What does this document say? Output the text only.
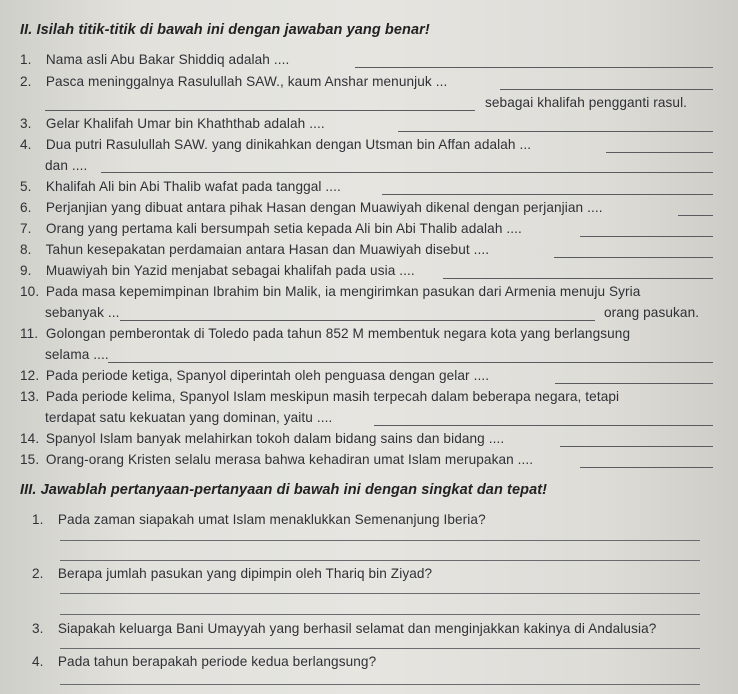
II. Isilah titik-titik di bawah ini dengan jawaban yang benar!
1. Nama asli Abu Bakar Shiddiq adalah ....
2. Pasca meninggalnya Rasulullah SAW., kaum Anshar menunjuk ...
sebagai khalifah pengganti rasul.
3. Gelar Khalifah Umar bin Khaththab adalah ....
4. Dua putri Rasulullah SAW. yang dinikahkan dengan Utsman bin Affan adalah ...
dan ....
5. Khalifah Ali bin Abi Thalib wafat pada tanggal ....
6. Perjanjian yang dibuat antara pihak Hasan dengan Muawiyah dikenal dengan perjanjian ....
7. Orang yang pertama kali bersumpah setia kepada Ali bin Abi Thalib adalah ....
8. Tahun kesepakatan perdamaian antara Hasan dan Muawiyah disebut ....
9. Muawiyah bin Yazid menjabat sebagai khalifah pada usia ....
10. Pada masa kepemimpinan Ibrahim bin Malik, ia mengirimkan pasukan dari Armenia menuju Syria
sebanyak ...	orang pasukan.
11. Golongan pemberontak di Toledo pada tahun 852 M membentuk negara kota yang berlangsung
selama ....
12. Pada periode ketiga, Spanyol diperintah oleh penguasa dengan gelar ....
13. Pada periode kelima, Spanyol Islam meskipun masih terpecah dalam beberapa negara, tetapi
terdapat satu kekuatan yang dominan, yaitu ....
14. Spanyol Islam banyak melahirkan tokoh dalam bidang sains dan bidang ....
15. Orang-orang Kristen selalu merasa bahwa kehadiran umat Islam merupakan ....
III. Jawablah pertanyaan-pertanyaan di bawah ini dengan singkat dan tepat!
1. Pada zaman siapakah umat Islam menaklukkan Semenanjung Iberia?
2. Berapa jumlah pasukan yang dipimpin oleh Thariq bin Ziyad?
3. Siapakah keluarga Bani Umayyah yang berhasil selamat dan menginjakkan kakinya di Andalusia?
4. Pada tahun berapakah periode kedua berlangsung?
